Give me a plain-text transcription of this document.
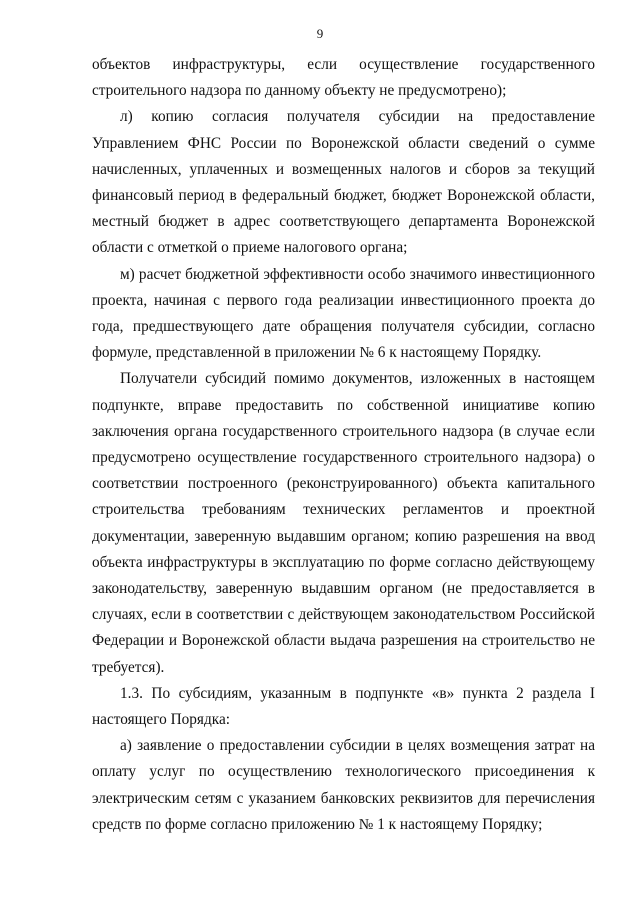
9

объектов инфраструктуры, если осуществление государственного строительного надзора по данному объекту не предусмотрено);

л) копию согласия получателя субсидии на предоставление Управлением ФНС России по Воронежской области сведений о сумме начисленных, уплаченных и возмещенных налогов и сборов за текущий финансовый период в федеральный бюджет, бюджет Воронежской области, местный бюджет в адрес соответствующего департамента Воронежской области с отметкой о приеме налогового органа;

м) расчет бюджетной эффективности особо значимого инвестиционного проекта, начиная с первого года реализации инвестиционного проекта до года, предшествующего дате обращения получателя субсидии, согласно формуле, представленной в приложении № 6 к настоящему Порядку.

Получатели субсидий помимо документов, изложенных в настоящем подпункте, вправе предоставить по собственной инициативе копию заключения органа государственного строительного надзора (в случае если предусмотрено осуществление государственного строительного надзора) о соответствии построенного (реконструированного) объекта капитального строительства требованиям технических регламентов и проектной документации, заверенную выдавшим органом; копию разрешения на ввод объекта инфраструктуры в эксплуатацию по форме согласно действующему законодательству, заверенную выдавшим органом (не предоставляется в случаях, если в соответствии с действующем законодательством Российской Федерации и Воронежской области выдача разрешения на строительство не требуется).

1.3. По субсидиям, указанным в подпункте «в» пункта 2 раздела I настоящего Порядка:

а) заявление о предоставлении субсидии в целях возмещения затрат на оплату услуг по осуществлению технологического присоединения к электрическим сетям с указанием банковских реквизитов для перечисления средств по форме согласно приложению № 1 к настоящему Порядку;
